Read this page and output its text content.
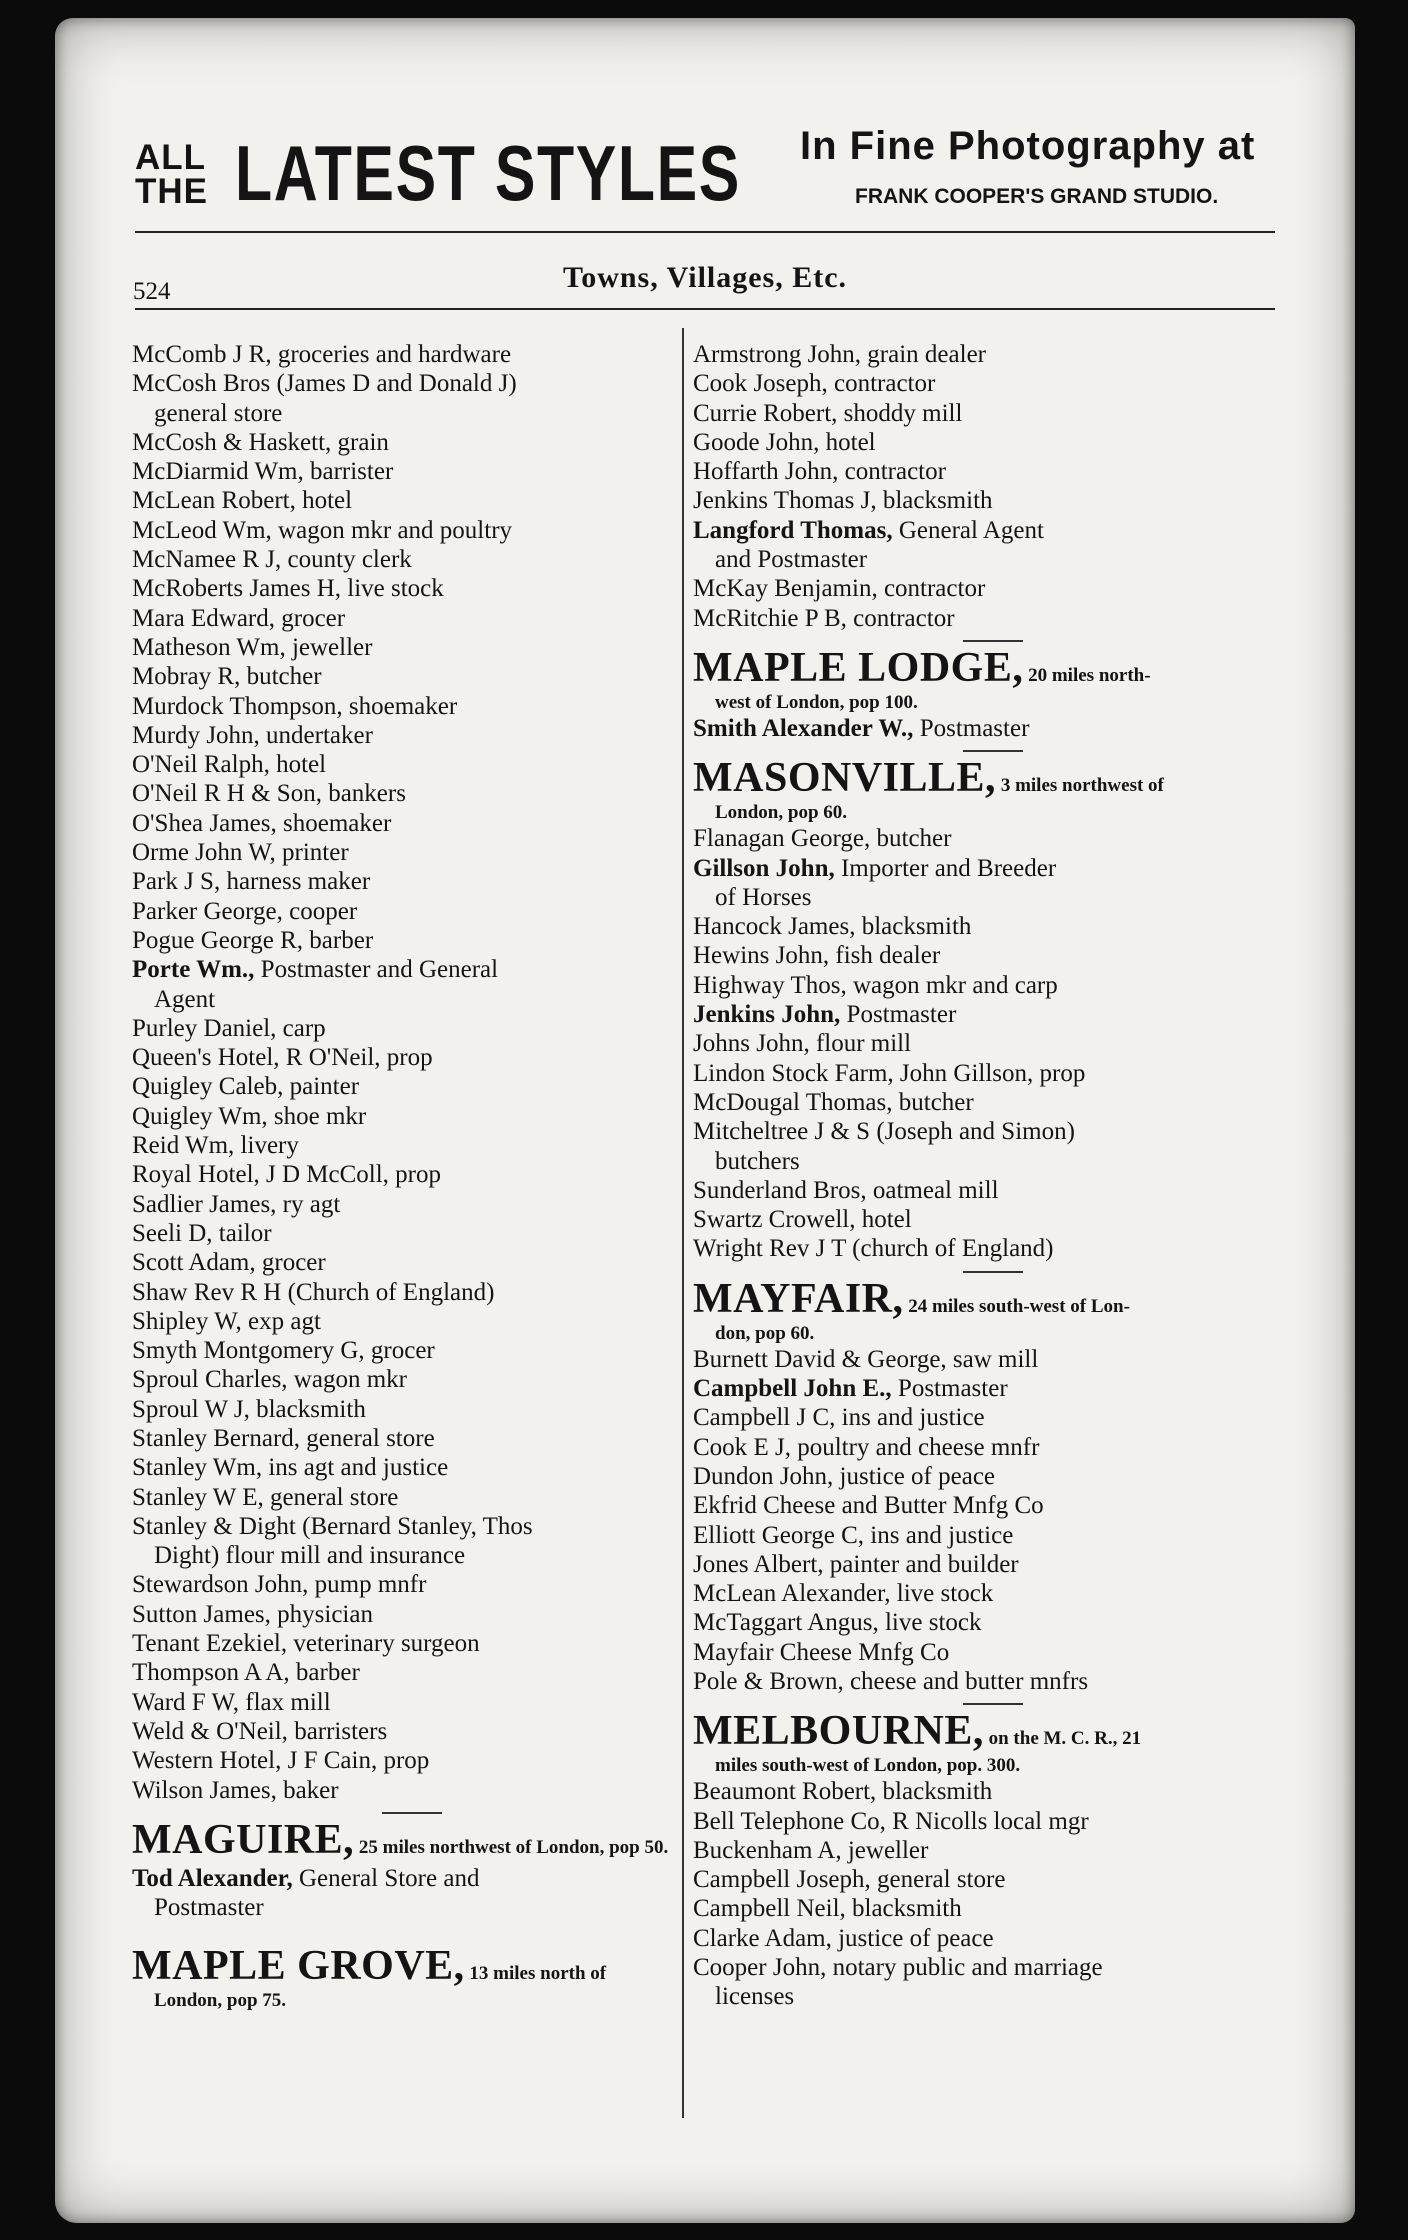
ALL
THE LATEST STYLES In Fine Photography at
FRANK COOPER'S GRAND STUDIO.
524	Towns, Villages, Etc.
McComb J R, groceries and hardware
McCosh Bros (James D and Donald J)
general store
McCosh & Haskett, grain
McDiarmid Wm, barrister
McLean Robert, hotel
McLeod Wm, wagon mkr and poultry
McNamee R J, county clerk
McRoberts James H, live stock
Mara Edward, grocer
Matheson Wm, jeweller
Mobray R, butcher
Murdock Thompson, shoemaker
Murdy John, undertaker
O'Neil Ralph, hotel
O'Neil R H & Son, bankers
O'Shea James, shoemaker
Orme John W, printer
Park J S, harness maker
Parker George, cooper
Pogue George R, barber
Porte Wm., Postmaster and General
Agent
Purley Daniel, carp
Queen's Hotel, R O'Neil, prop
Quigley Caleb, painter
Quigley Wm, shoe mkr
Reid Wm, livery
Royal Hotel, J D McColl, prop
Sadlier James, ry agt
Seeli D, tailor
Scott Adam, grocer
Shaw Rev R H (Church of England)
Shipley W, exp agt
Smyth Montgomery G, grocer
Sproul Charles, wagon mkr
Sproul W J, blacksmith
Stanley Bernard, general store
Stanley Wm, ins agt and justice
Stanley W E, general store
Stanley & Dight (Bernard Stanley, Thos
Dight) flour mill and insurance
Stewardson John, pump mnfr
Sutton James, physician
Tenant Ezekiel, veterinary surgeon
Thompson A A, barber
Ward F W, flax mill
Weld & O'Neil, barristers
Western Hotel, J F Cain, prop
Wilson James, baker
MAGUIRE, 25 miles northwest of London, pop 50.
Tod Alexander, General Store and
Postmaster
MAPLE GROVE, 13 miles north of
London, pop 75.
Armstrong John, grain dealer
Cook Joseph, contractor
Currie Robert, shoddy mill
Goode John, hotel
Hoffarth John, contractor
Jenkins Thomas J, blacksmith
Langford Thomas, General Agent
and Postmaster
McKay Benjamin, contractor
McRitchie P B, contractor
MAPLE LODGE, 20 miles north-
west of London, pop 100.
Smith Alexander W., Postmaster
MASONVILLE, 3 miles northwest of
London, pop 60.
Flanagan George, butcher
Gillson John, Importer and Breeder
of Horses
Hancock James, blacksmith
Hewins John, fish dealer
Highway Thos, wagon mkr and carp
Jenkins John, Postmaster
Johns John, flour mill
Lindon Stock Farm, John Gillson, prop
McDougal Thomas, butcher
Mitcheltree J & S (Joseph and Simon)
butchers
Sunderland Bros, oatmeal mill
Swartz Crowell, hotel
Wright Rev J T (church of England)
MAYFAIR, 24 miles south-west of Lon-
don, pop 60.
Burnett David & George, saw mill
Campbell John E., Postmaster
Campbell J C, ins and justice
Cook E J, poultry and cheese mnfr
Dundon John, justice of peace
Ekfrid Cheese and Butter Mnfg Co
Elliott George C, ins and justice
Jones Albert, painter and builder
McLean Alexander, live stock
McTaggart Angus, live stock
Mayfair Cheese Mnfg Co
Pole & Brown, cheese and butter mnfrs
MELBOURNE, on the M. C. R., 21
miles south-west of London, pop. 300.
Beaumont Robert, blacksmith
Bell Telephone Co, R Nicolls local mgr
Buckenham A, jeweller
Campbell Joseph, general store
Campbell Neil, blacksmith
Clarke Adam, justice of peace
Cooper John, notary public and marriage
licenses
